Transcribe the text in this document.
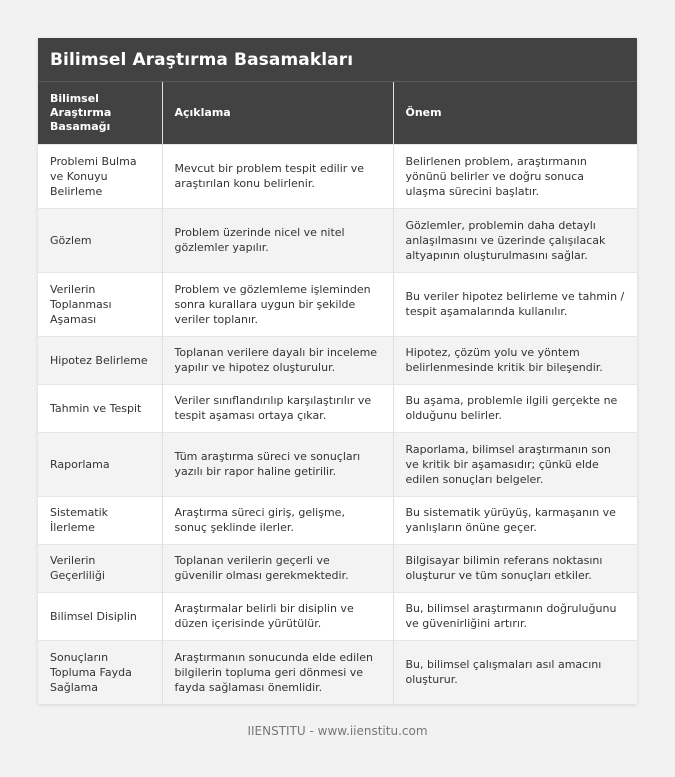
Bilimsel Araştırma Basamakları
Bilimsel Araştırma Basamağı	Açıklama	Önem
Problemi Bulma ve Konuyu Belirleme	Mevcut bir problem tespit edilir ve araştırılan konu belirlenir.	Belirlenen problem, araştırmanın yönünü belirler ve doğru sonuca ulaşma sürecini başlatır.
Gözlem	Problem üzerinde nicel ve nitel gözlemler yapılır.	Gözlemler, problemin daha detaylı anlaşılmasını ve üzerinde çalışılacak altyapının oluşturulmasını sağlar.
Verilerin Toplanması Aşaması	Problem ve gözlemleme işleminden sonra kurallara uygun bir şekilde veriler toplanır.	Bu veriler hipotez belirleme ve tahmin / tespit aşamalarında kullanılır.
Hipotez Belirleme	Toplanan verilere dayalı bir inceleme yapılır ve hipotez oluşturulur.	Hipotez, çözüm yolu ve yöntem belirlenmesinde kritik bir bileşendir.
Tahmin ve Tespit	Veriler sınıflandırılıp karşılaştırılır ve tespit aşaması ortaya çıkar.	Bu aşama, problemle ilgili gerçekte ne olduğunu belirler.
Raporlama	Tüm araştırma süreci ve sonuçları yazılı bir rapor haline getirilir.	Raporlama, bilimsel araştırmanın son ve kritik bir aşamasıdır; çünkü elde edilen sonuçları belgeler.
Sistematik İlerleme	Araştırma süreci giriş, gelişme, sonuç şeklinde ilerler.	Bu sistematik yürüyüş, karmaşanın ve yanlışların önüne geçer.
Verilerin Geçerliliği	Toplanan verilerin geçerli ve güvenilir olması gerekmektedir.	Bilgisayar bilimin referans noktasını oluşturur ve tüm sonuçları etkiler.
Bilimsel Disiplin	Araştırmalar belirli bir disiplin ve düzen içerisinde yürütülür.	Bu, bilimsel araştırmanın doğruluğunu ve güvenirliğini artırır.
Sonuçların Topluma Fayda Sağlama	Araştırmanın sonucunda elde edilen bilgilerin topluma geri dönmesi ve fayda sağlaması önemlidir.	Bu, bilimsel çalışmaları asıl amacını oluşturur.
IIENSTITU - www.iienstitu.com
